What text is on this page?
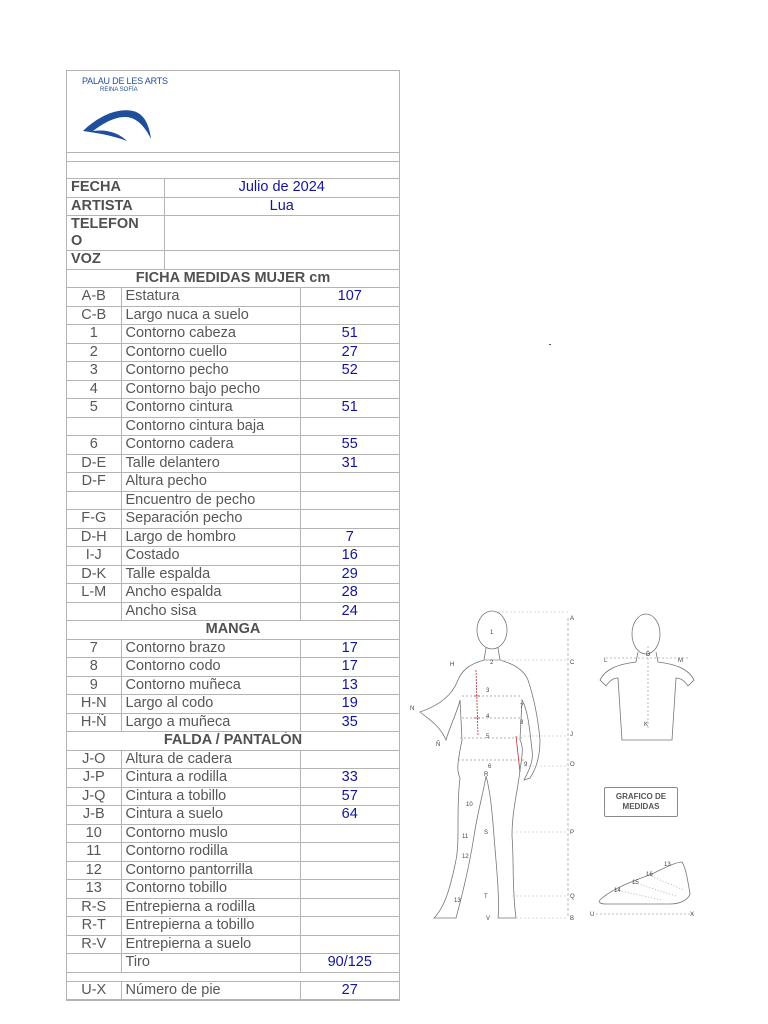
PALAU DE LES ARTS
REINA SOFÍA
FECHA	Julio de 2024
ARTISTA	Lua
TELEFON
O	
VOZ	
FICHA MEDIDAS MUJER cm		
A-B	Estatura	107
C-B	Largo nuca a suelo	
1	Contorno cabeza	51
2	Contorno cuello	27
3	Contorno pecho	52
4	Contorno bajo pecho	
5	Contorno cintura	51
	Contorno cintura baja	
6	Contorno cadera	55
D-E	Talle delantero	31
D-F	Altura pecho	
	Encuentro de pecho	
F-G	Separación pecho	
D-H	Largo de hombro	7
I-J	Costado	16
D-K	Talle espalda	29
L-M	Ancho espalda	28
	Ancho sisa	24
MANGA		
7	Contorno brazo	17
8	Contorno codo	17
9	Contorno muñeca	13
H-N	Largo al codo	19
H-Ñ	Largo a muñeca	35
FALDA / PANTALÓN		
J-O	Altura de cadera	
J-P	Cintura a rodilla	33
J-Q	Cintura a tobillo	57
J-B	Cintura a suelo	64
10	Contorno muslo	
11	Contorno rodilla	
12	Contorno pantorrilla	
13	Contorno tobillo	
R-S	Entrepierna a rodilla	
R-T	Entrepierna a tobillo	
R-V	Entrepierna a suelo	
	Tiro	90/125

U-X	Número de pie	27
A
C
H
N
Ñ
J
O
P
Q
B
V
S
T
R
D
L	M
K
U	X
1
2
3
4
5
6
7
8
9
10
11
12
13
14
15
16
13
GRAFICO DE
MEDIDAS
